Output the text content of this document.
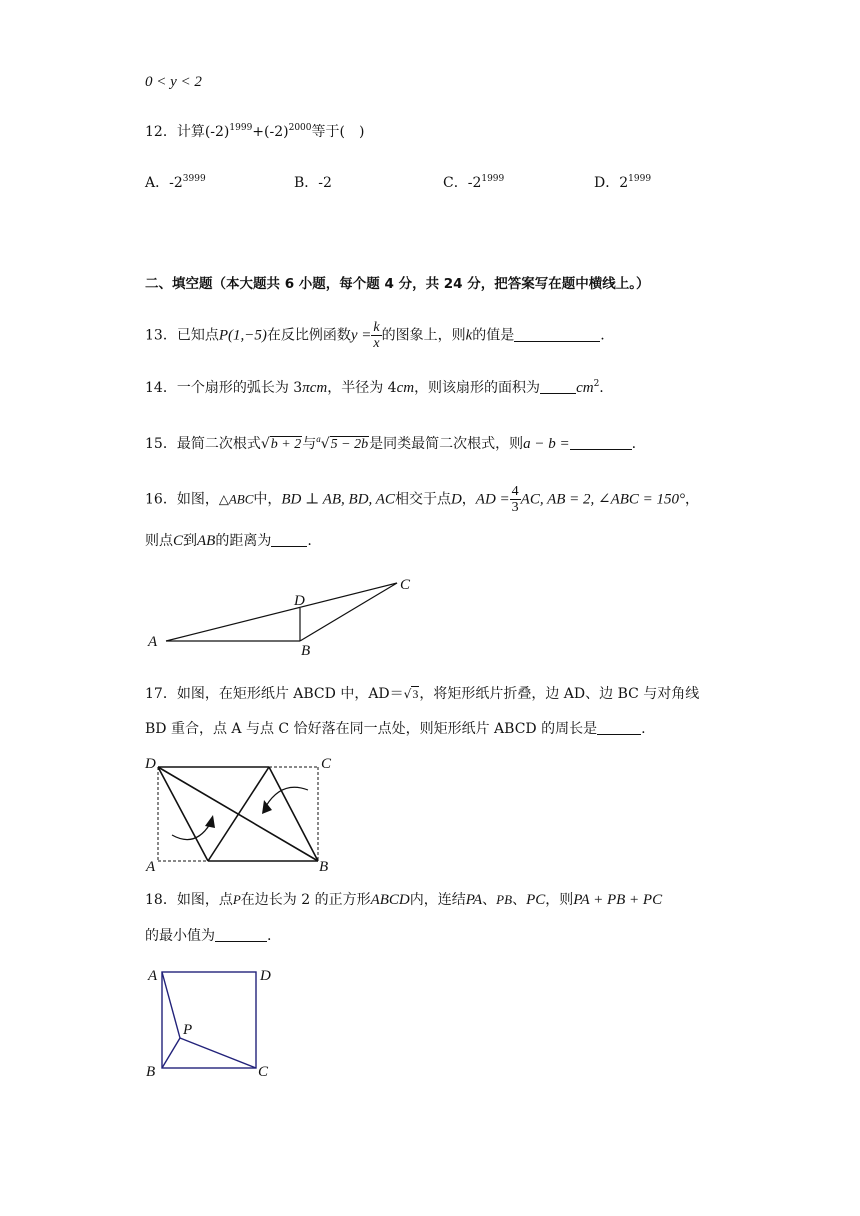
0 < y < 2
12．计算$(-2)^{1999}+(-2)^{2000}$等于(　)
A．$-2^{3999}$	B．-2	C．$-2^{1999}$	D．$2^{1999}$
二、填空题（本大题共 6 小题，每个题 4 分，共 24 分，把答案写在题中横线上。）
13．已知点P(1,−5)在反比例函数$y = \frac{k}{x}$ 的图象上，则k的值是	.
14．一个扇形的弧长为 3πcm，半径为 4cm，则该扇形的面积为 $cm^2$.
15．最简二次根式√b + 2与$^a$√5 − 2b是同类最简二次根式，则a − b =	.
16．如图，△ABC中，BD ⊥ AB, BD, AC相交于点D，AD = $\frac{4}{3}$ AC, AB = 2, ∠ABC = 150°，
则点C到AB的距离为	.
A
B
C
D
17．如图，在矩形纸片 ABCD 中，AD＝√3，将矩形纸片折叠，边 AD、边 BC 与对角线
BD 重合，点 A 与点 C 恰好落在同一点处，则矩形纸片 ABCD 的周长是	.
D	C
A	B
18．如图，点P在边长为 2 的正方形ABCD内，连结PA、PB、PC，则PA + PB + PC
的最小值为	.
A	D
B	C
P
